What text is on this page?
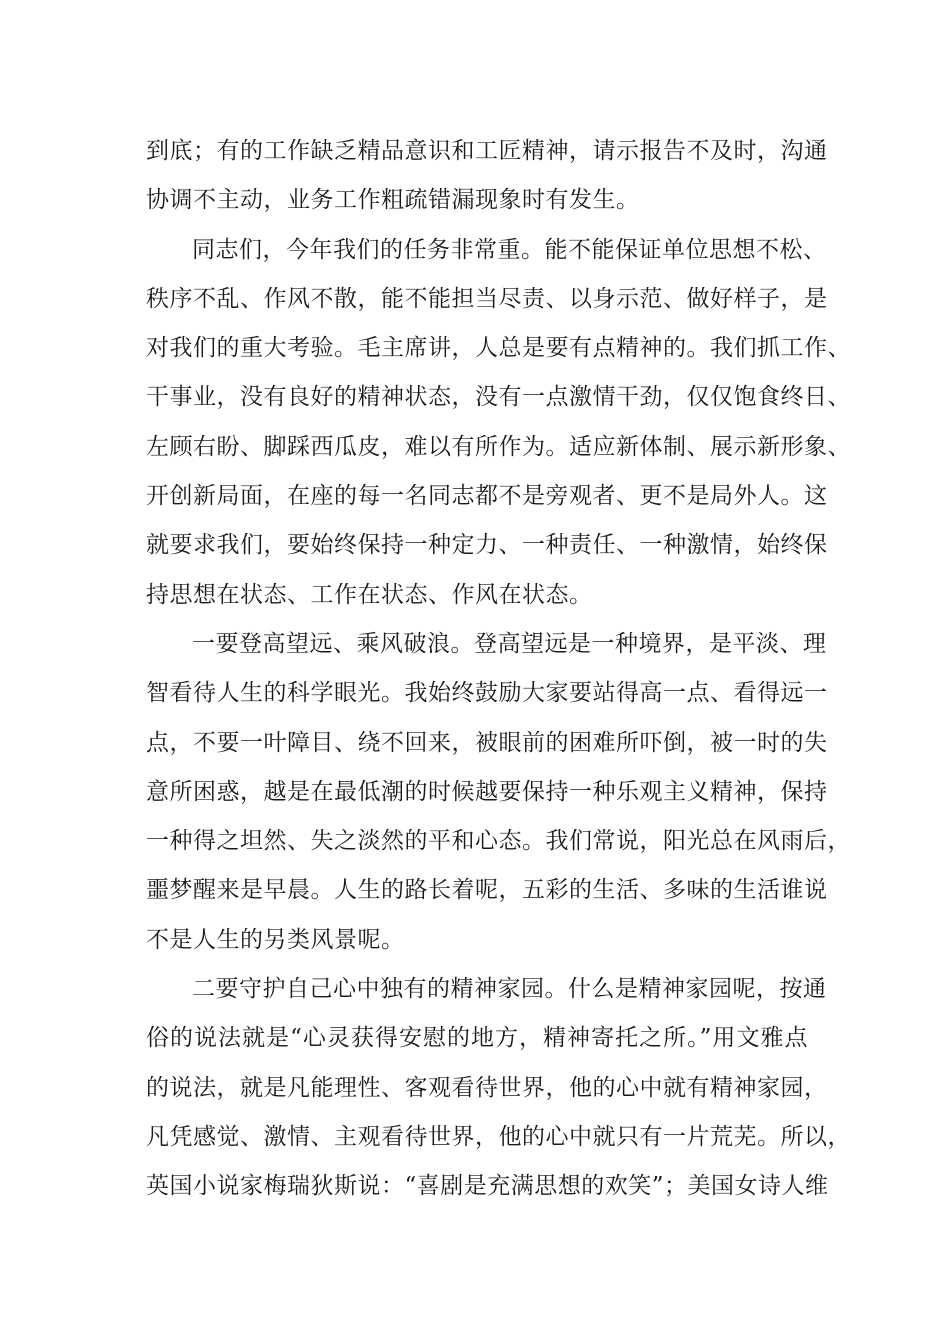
到底；有的工作缺乏精品意识和工匠精神，请示报告不及时，沟通
协调不主动，业务工作粗疏错漏现象时有发生。
同志们，今年我们的任务非常重。能不能保证单位思想不松、
秩序不乱、作风不散，能不能担当尽责、以身示范、做好样子，是
对我们的重大考验。毛主席讲，人总是要有点精神的。我们抓工作、
干事业，没有良好的精神状态，没有一点激情干劲，仅仅饱食终日、
左顾右盼、脚踩西瓜皮，难以有所作为。适应新体制、展示新形象、
开创新局面，在座的每一名同志都不是旁观者、更不是局外人。这
就要求我们，要始终保持一种定力、一种责任、一种激情，始终保
持思想在状态、工作在状态、作风在状态。
一要登高望远、乘风破浪。登高望远是一种境界，是平淡、理
智看待人生的科学眼光。我始终鼓励大家要站得高一点、看得远一
点，不要一叶障目、绕不回来，被眼前的困难所吓倒，被一时的失
意所困惑，越是在最低潮的时候越要保持一种乐观主义精神，保持
一种得之坦然、失之淡然的平和心态。我们常说，阳光总在风雨后，
噩梦醒来是早晨。人生的路长着呢，五彩的生活、多味的生活谁说
不是人生的另类风景呢。
二要守护自己心中独有的精神家园。什么是精神家园呢，按通
俗的说法就是“心灵获得安慰的地方，精神寄托之所。”用文雅点
的说法，就是凡能理性、客观看待世界，他的心中就有精神家园，
凡凭感觉、激情、主观看待世界，他的心中就只有一片荒芜。所以，
英国小说家梅瑞狄斯说：“喜剧是充满思想的欢笑”；美国女诗人维
